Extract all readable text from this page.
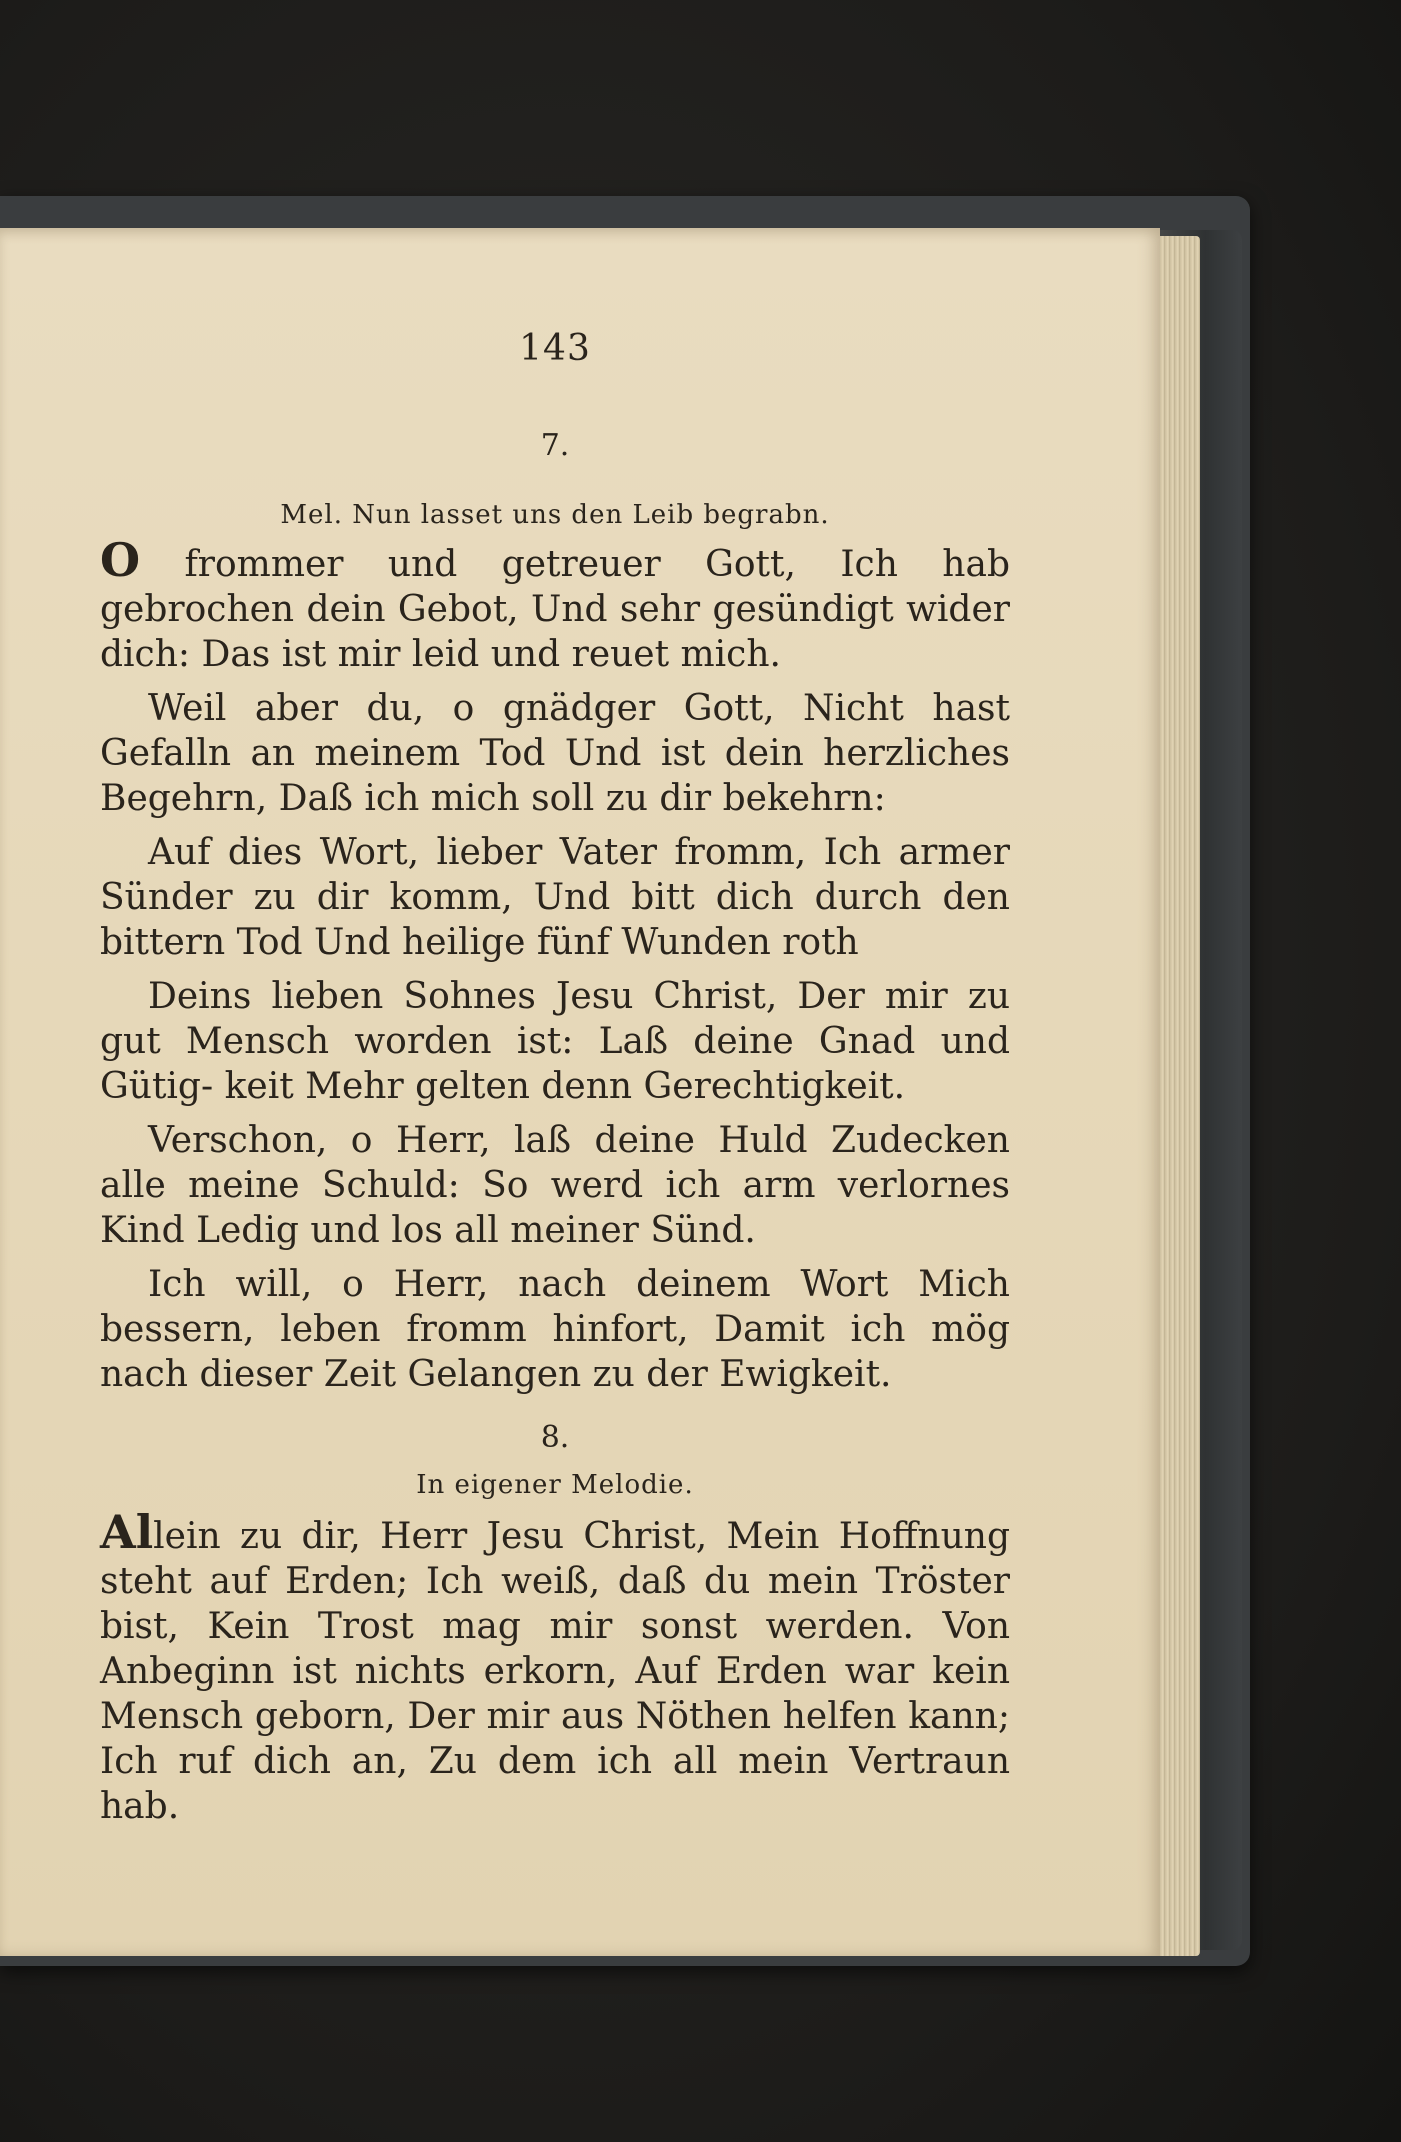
143
7.
Mel. Nun lasset uns den Leib begrabn.
O frommer und getreuer Gott, Ich hab gebrochen dein Gebot, Und sehr gesündigt wider dich: Das ist mir leid und reuet mich.
Weil aber du, o gnädger Gott, Nicht hast Gefalln an meinem Tod Und ist dein herzliches Begehrn, Daß ich mich soll zu dir bekehrn:
Auf dies Wort, lieber Vater fromm, Ich armer Sünder zu dir komm, Und bitt dich durch den bittern Tod Und heilige fünf Wunden roth
Deins lieben Sohnes Jesu Christ, Der mir zu gut Mensch worden ist: Laß deine Gnad und Gütig- keit Mehr gelten denn Gerechtigkeit.
Verschon, o Herr, laß deine Huld Zudecken alle meine Schuld: So werd ich arm verlornes Kind Ledig und los all meiner Sünd.
Ich will, o Herr, nach deinem Wort Mich bessern, leben fromm hinfort, Damit ich mög nach dieser Zeit Gelangen zu der Ewigkeit.
8.
In eigener Melodie.
Allein zu dir, Herr Jesu Christ, Mein Hoffnung steht auf Erden; Ich weiß, daß du mein Tröster bist, Kein Trost mag mir sonst werden. Von Anbeginn ist nichts erkorn, Auf Erden war kein Mensch geborn, Der mir aus Nöthen helfen kann; Ich ruf dich an, Zu dem ich all mein Vertraun hab.
